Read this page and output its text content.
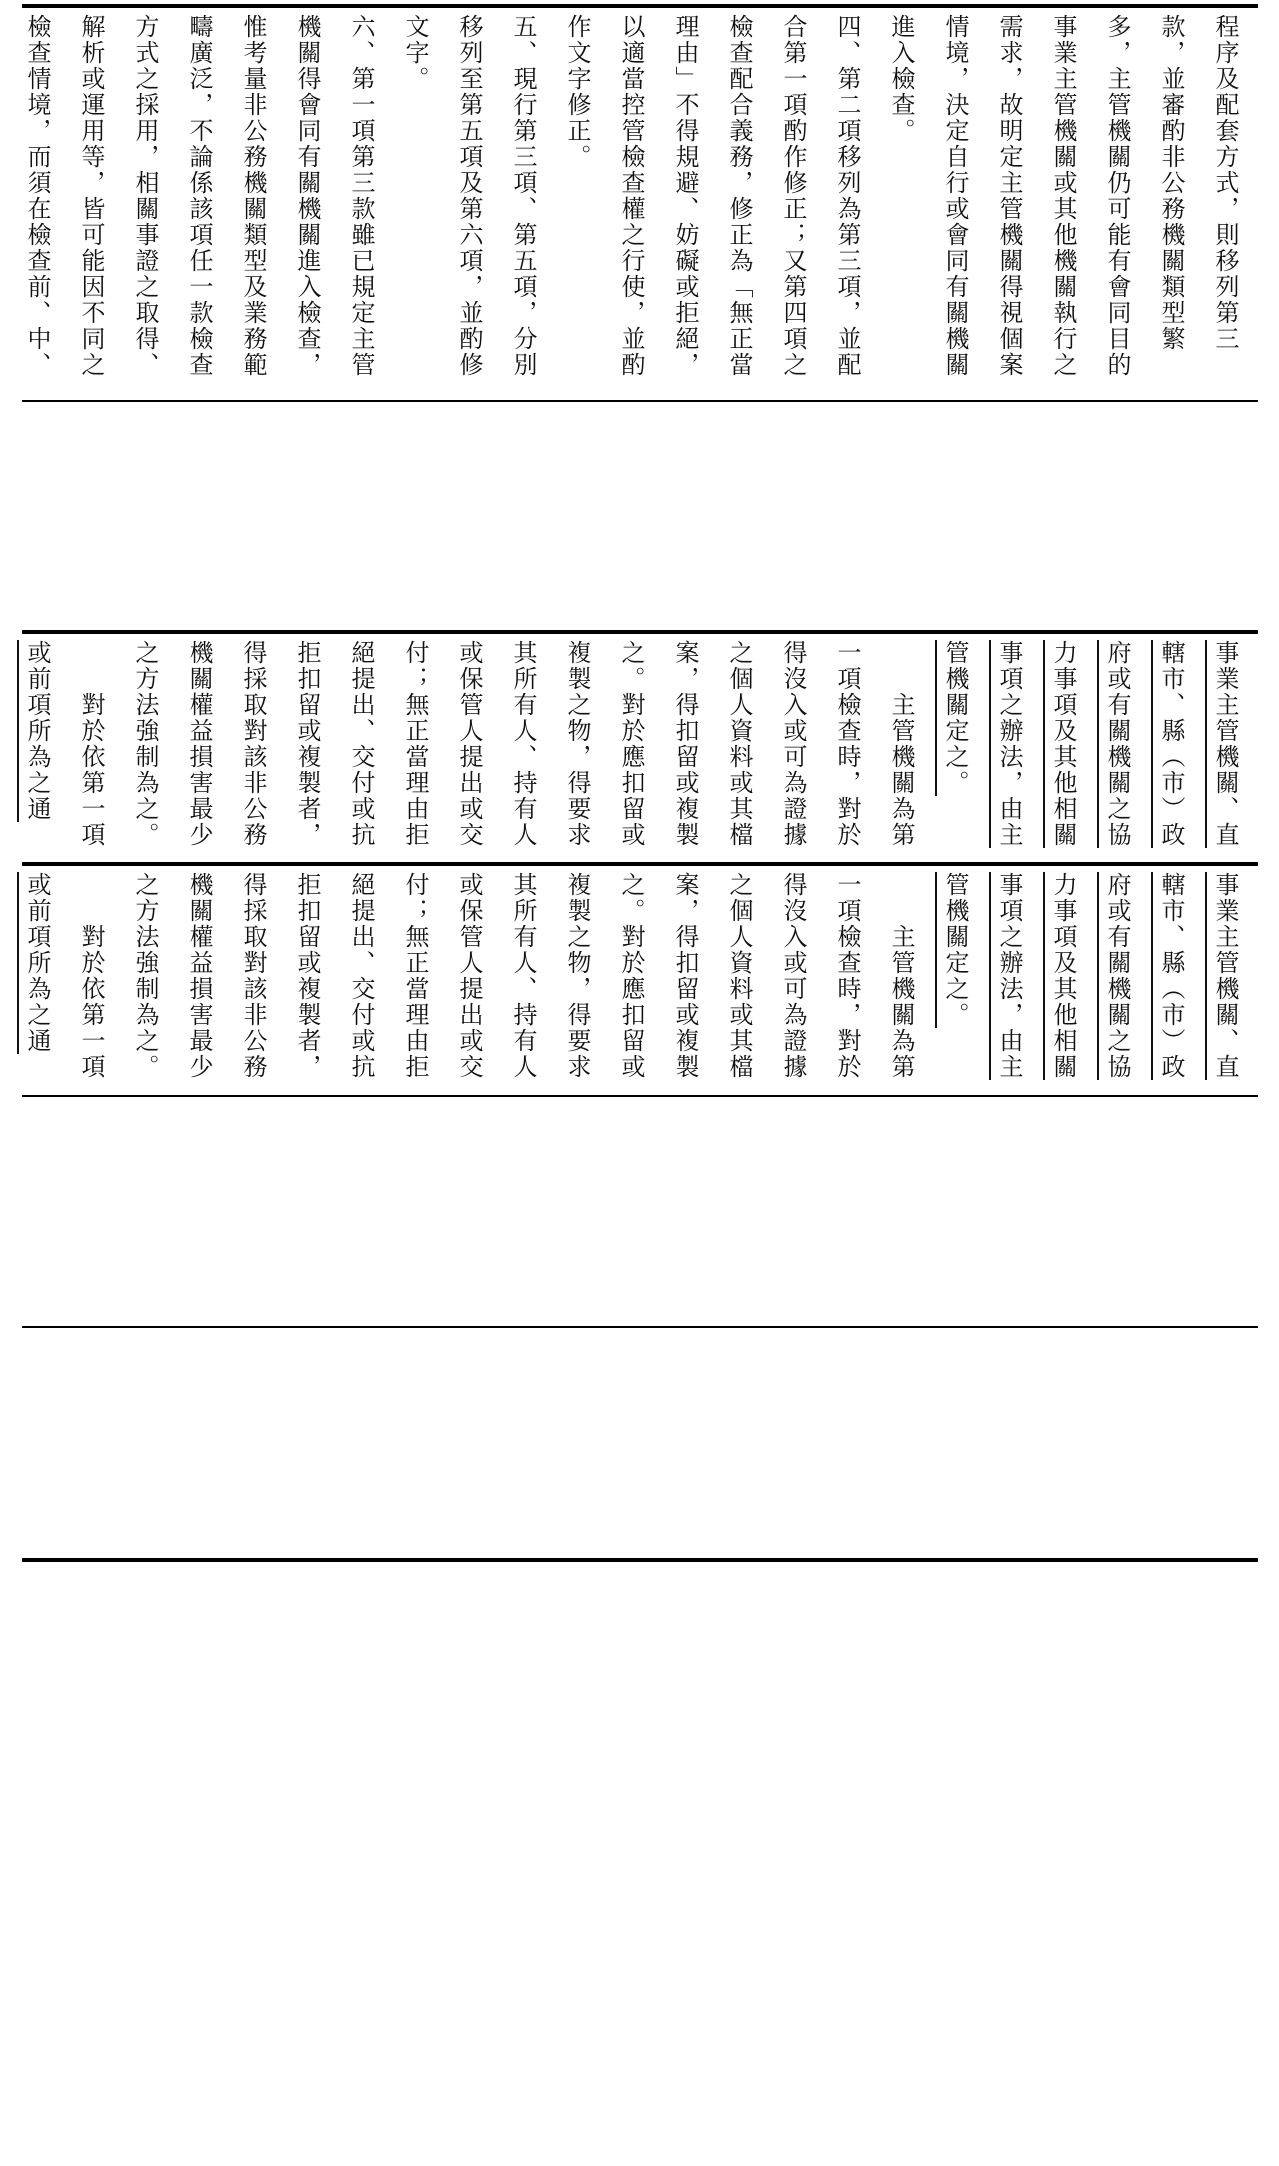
程序及配套方式，則移列第三款，並審酌非公務機關類型繁多，主管機關仍可能有會同目的事業主管機關或其他機關執行之需求，故明定主管機關得視個案情境，決定自行或會同有關機關進入檢查。
四、第二項移列為第三項，並配合第一項酌作修正；又第四項之檢查配合義務，修正為「無正當理由」不得規避、妨礙或拒絕，以適當控管檢查權之行使，並酌作文字修正。
五、現行第三項、第五項，分別移列至第五項及第六項，並酌修文字。
六、第一項第三款雖已規定主管機關得會同有關機關進入檢查，惟考量非公務機關類型及業務範疇廣泛，不論係該項任一款檢查方式之採用，相關事證之取得、解析或運用等，皆可能因不同之檢查情境，而須在檢查前、中、
事業主管機關、直轄市、縣（市）政府或有關機關之協力事項及其他相關事項之辦法，由主管機關定之。
　　主管機關為第一項檢查時，對於得沒入或可為證據之個人資料或其檔案，得扣留或複製之。對於應扣留或複製之物，得要求其所有人、持有人或保管人提出或交付；無正當理由拒絕提出、交付或抗拒扣留或複製者，得採取對該非公務機關權益損害最少之方法強制為之。
　　對於依第一項或前項所為之通

事業主管機關、直轄市、縣（市）政府或有關機關之協力事項及其他相關事項之辦法，由主管機關定之。
　　主管機關為第一項檢查時，對於得沒入或可為證據之個人資料或其檔案，得扣留或複製之。對於應扣留或複製之物，得要求其所有人、持有人或保管人提出或交付；無正當理由拒絕提出、交付或抗拒扣留或複製者，得採取對該非公務機關權益損害最少之方法強制為之。
　　對於依第一項或前項所為之通
